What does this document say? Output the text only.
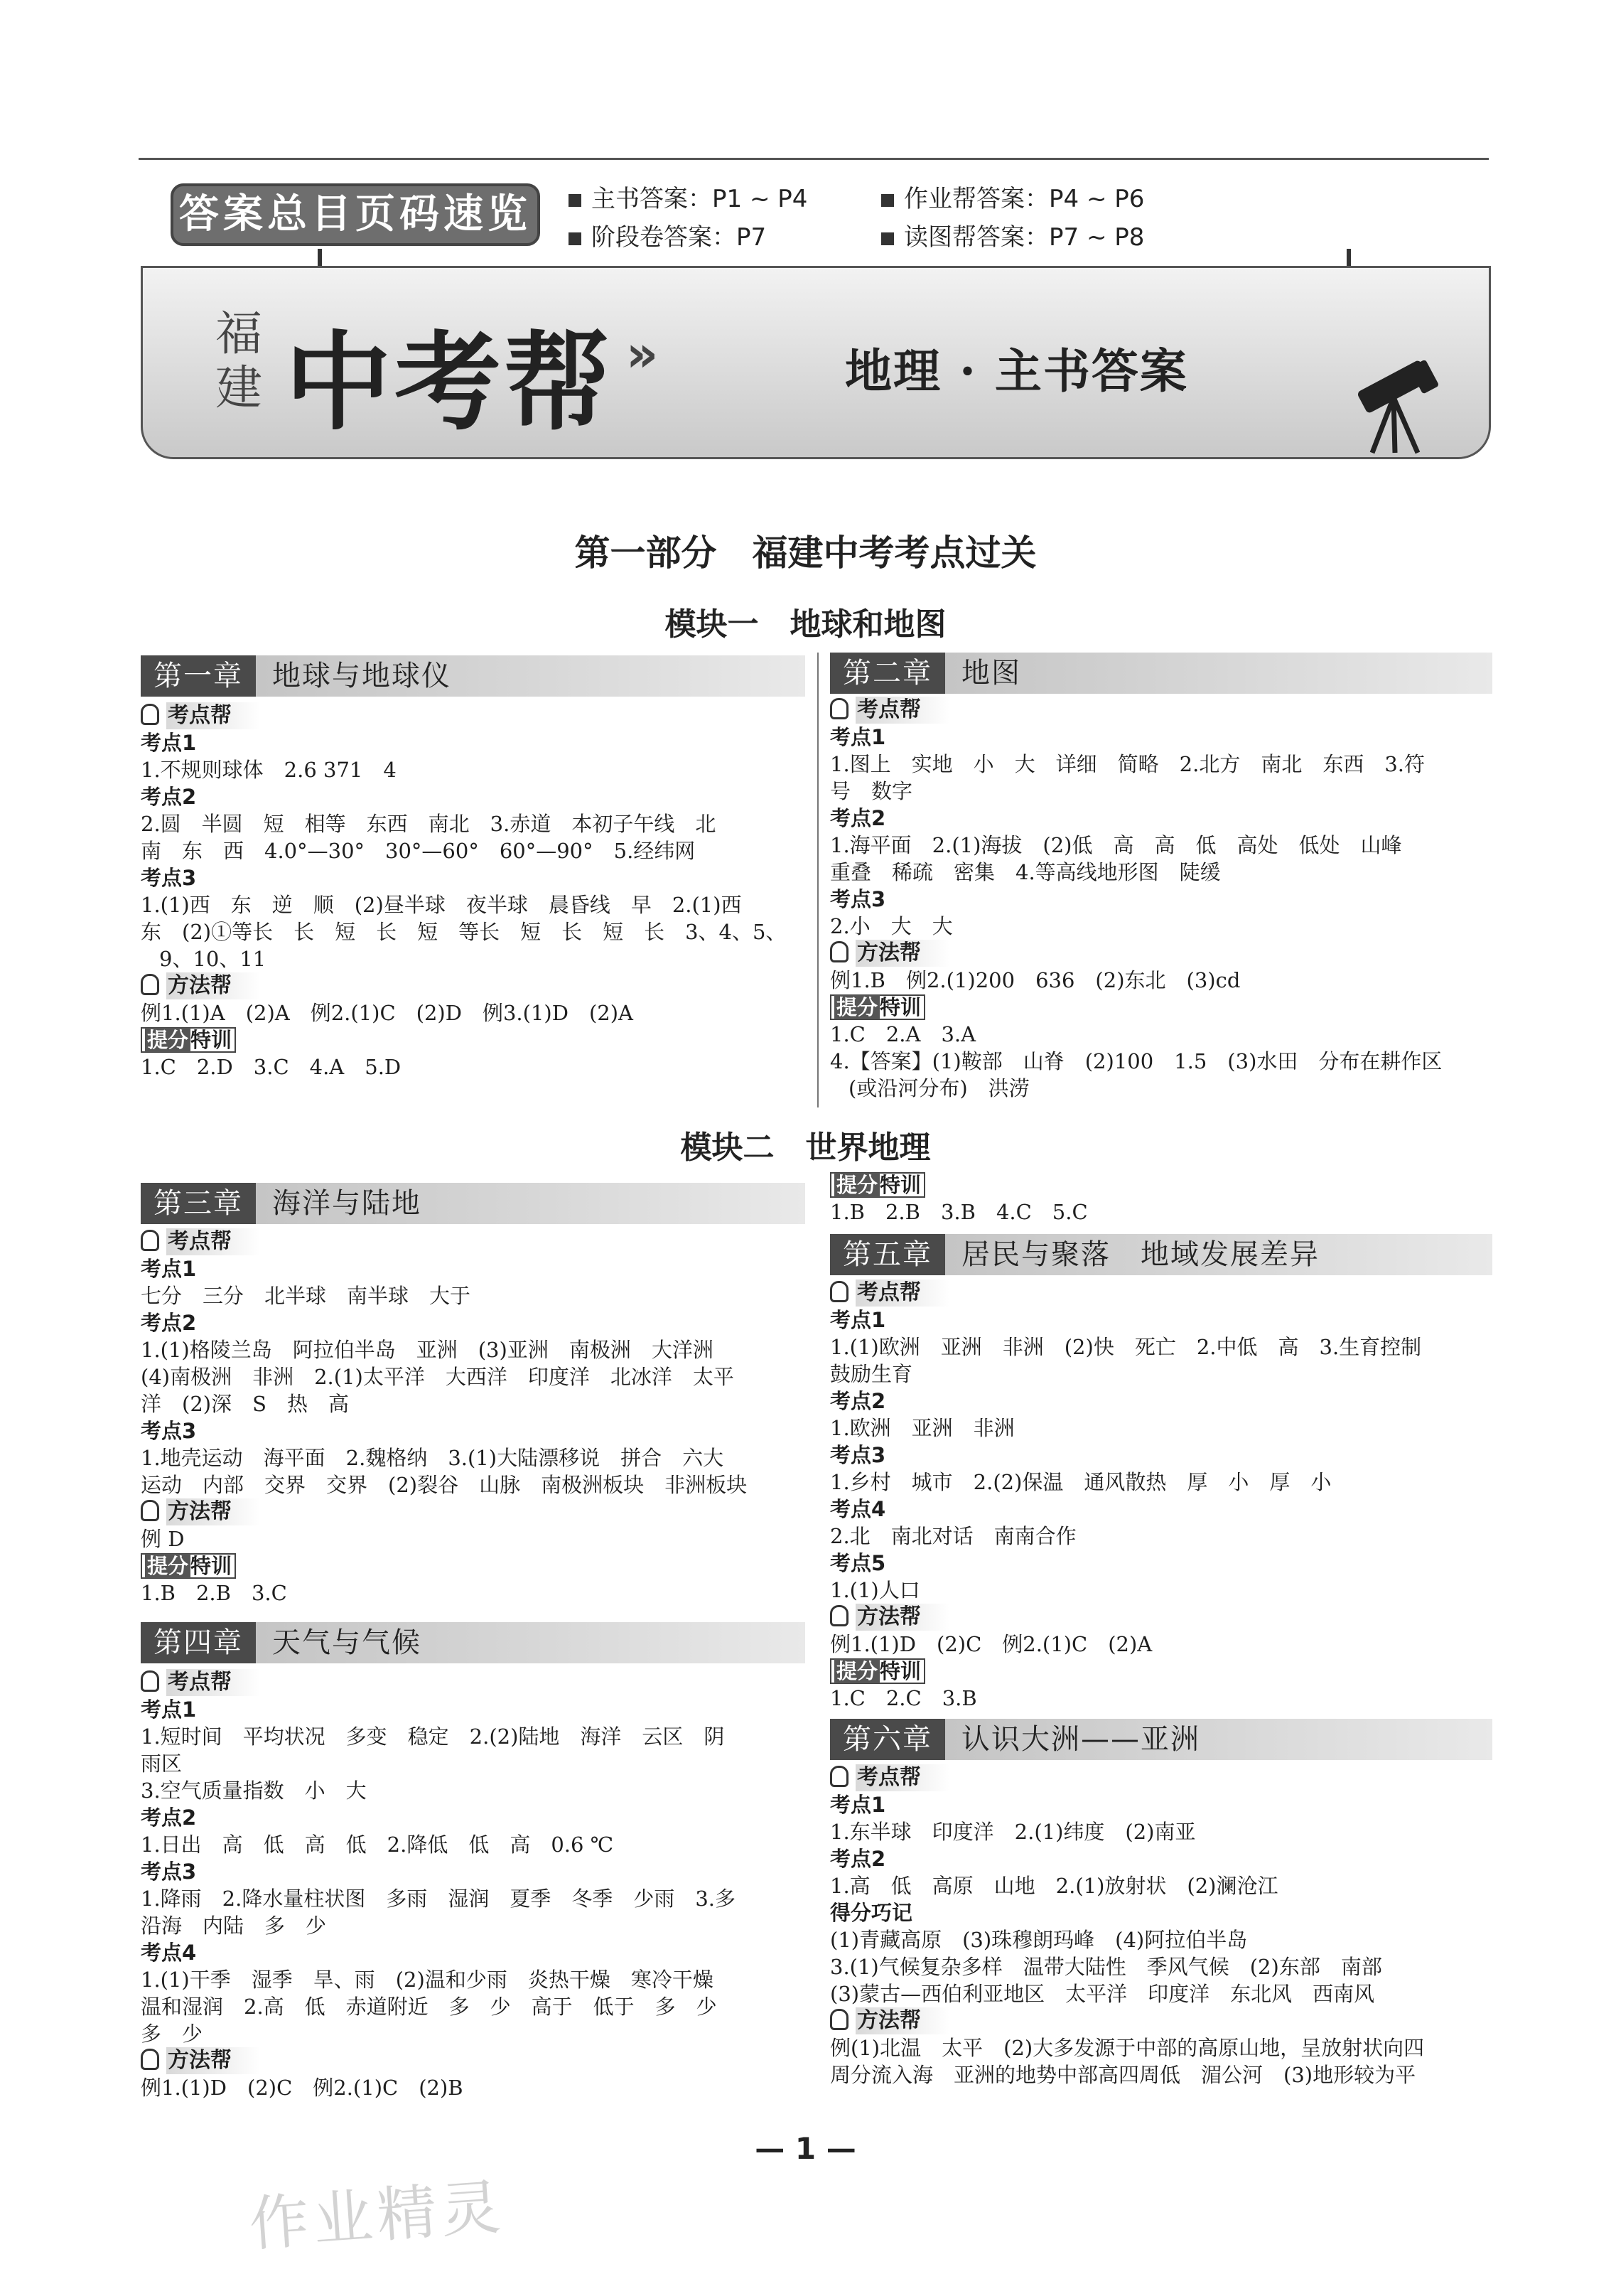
答案总目页码速览	主书答案：P1 ~ P4	作业帮答案：P4 ~ P6
阶段卷答案：P7	读图帮答案：P7 ~ P8
福
建 中考帮 »	地理 · 主书答案
第一部分　福建中考考点过关
模块一　地球和地图
第一章	地球与地球仪
考点帮
考点1
1.不规则球体　2.6 371　4
考点2
2.圆　半圆　短　相等　东西　南北　3.赤道　本初子午线　北
南　东　西　4.0°—30°　30°—60°　60°—90°　5.经纬网
考点3
1.(1)西　东　逆　顺　(2)昼半球　夜半球　晨昏线　早　2.(1)西
东　(2)①等长　长　短　长　短　等长　短　长　短　长　3、4、5、
9、10、11
方法帮
例1.(1)A　(2)A　例2.(1)C　(2)D　例3.(1)D　(2)A
提分 特训
1.C　2.D　3.C　4.A　5.D
第二章	地图
考点帮
考点1
1.图上　实地　小　大　详细　简略　2.北方　南北　东西　3.符
号　数字
考点2
1.海平面　2.(1)海拔　(2)低　高　高　低　高处　低处　山峰
重叠　稀疏　密集　4.等高线地形图　陡缓
考点3
2.小　大　大
方法帮
例1.B　例2.(1)200　636　(2)东北　(3)cd
提分 特训
1.C　2.A　3.A
4.【答案】(1)鞍部　山脊　(2)100　1.5　(3)水田　分布在耕作区
(或沿河分布)　洪涝
模块二　世界地理
第三章	海洋与陆地
考点帮
考点1
七分　三分　北半球　南半球　大于
考点2
1.(1)格陵兰岛　阿拉伯半岛　亚洲　(3)亚洲　南极洲　大洋洲
(4)南极洲　非洲　2.(1)太平洋　大西洋　印度洋　北冰洋　太平
洋　(2)深　S　热　高
考点3
1.地壳运动　海平面　2.魏格纳　3.(1)大陆漂移说　拼合　六大
运动　内部　交界　交界　(2)裂谷　山脉　南极洲板块　非洲板块
方法帮
例 D
提分 特训
1.B　2.B　3.C
第四章	天气与气候
考点帮
考点1
1.短时间　平均状况　多变　稳定　2.(2)陆地　海洋　云区　阴
雨区
3.空气质量指数　小　大
考点2
1.日出　高　低　高　低　2.降低　低　高　0.6 ℃
考点3
1.降雨　2.降水量柱状图　多雨　湿润　夏季　冬季　少雨　3.多
沿海　内陆　多　少
考点4
1.(1)干季　湿季　旱、雨　(2)温和少雨　炎热干燥　寒冷干燥
温和湿润　2.高　低　赤道附近　多　少　高于　低于　多　少
多　少
方法帮
例1.(1)D　(2)C　例2.(1)C　(2)B
提分 特训
1.B　2.B　3.B　4.C　5.C
第五章	居民与聚落　地域发展差异
考点帮
考点1
1.(1)欧洲　亚洲　非洲　(2)快　死亡　2.中低　高　3.生育控制
鼓励生育
考点2
1.欧洲　亚洲　非洲
考点3
1.乡村　城市　2.(2)保温　通风散热　厚　小　厚　小
考点4
2.北　南北对话　南南合作
考点5
1.(1)人口
方法帮
例1.(1)D　(2)C　例2.(1)C　(2)A
提分 特训
1.C　2.C　3.B
第六章	认识大洲——亚洲
考点帮
考点1
1.东半球　印度洋　2.(1)纬度　(2)南亚
考点2
1.高　低　高原　山地　2.(1)放射状　(2)澜沧江
得分巧记
(1)青藏高原　(3)珠穆朗玛峰　(4)阿拉伯半岛
3.(1)气候复杂多样　温带大陆性　季风气候　(2)东部　南部
(3)蒙古—西伯利亚地区　太平洋　印度洋　东北风　西南风
方法帮
例(1)北温　太平　(2)大多发源于中部的高原山地，呈放射状向四
周分流入海　亚洲的地势中部高四周低　湄公河　(3)地形较为平
— 1 —
作业精灵
